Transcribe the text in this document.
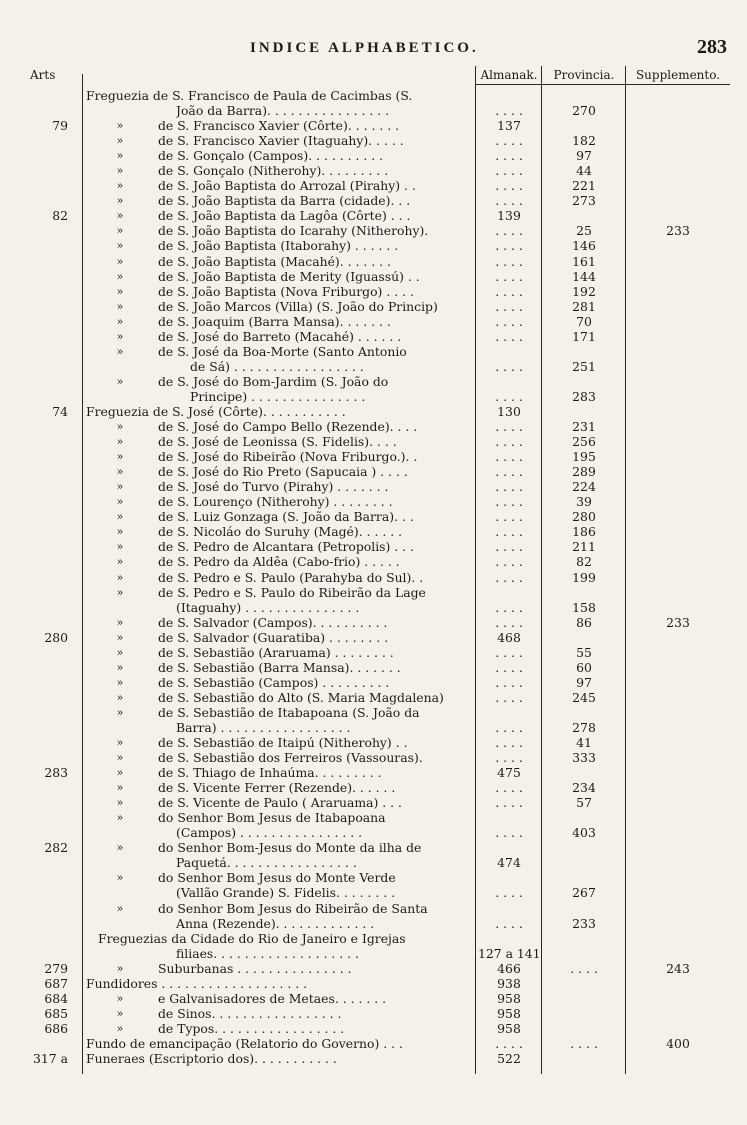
INDICE ALPHABETICO.	283
Arts	Almanak.	Provincia.	Supplemento.
Freguezia de S. Francisco de Paula de Cacimbas (S.
João da Barra). . . . . . . . . . . . . . . .	. . . .	270
79	»	de S. Francisco Xavier (Côrte). . . . . . .	137
»	de S. Francisco Xavier (Itaguahy). . . . .	. . . .	182
»	de S. Gonçalo (Campos). . . . . . . . . .	. . . .	97
»	de S. Gonçalo (Nitherohy). . . . . . . . .	. . . .	44
»	de S. João Baptista do Arrozal (Pirahy) . .	. . . .	221
»	de S. João Baptista da Barra (cidade). . .	. . . .	273
82	»	de S. João Baptista da Lagôa (Côrte) . . .	139
»	de S. João Baptista do Icarahy (Nitherohy).	. . . .	25	233
»	de S. João Baptista (Itaborahy) . . . . . .	. . . .	146
»	de S. João Baptista (Macahé). . . . . . .	. . . .	161
»	de S. João Baptista de Merity (Iguassú) . .	. . . .	144
»	de S. João Baptista (Nova Friburgo) . . . .	. . . .	192
»	de S. João Marcos (Villa) (S. João do Princip)	. . . .	281
»	de S. Joaquim (Barra Mansa). . . . . . .	. . . .	70
»	de S. José do Barreto (Macahé) . . . . . .	. . . .	171
»	de S. José da Boa-Morte (Santo Antonio
de Sá) . . . . . . . . . . . . . . . . .	. . . .	251
»	de S. José do Bom-Jardim (S. João do
Principe) . . . . . . . . . . . . . . .	. . . .	283
74 Freguezia de S. José (Côrte). . . . . . . . . . .	130
»	de S. José do Campo Bello (Rezende). . . .	. . . .	231
»	de S. José de Leonissa (S. Fidelis). . . .	. . . .	256
»	de S. José do Ribeirão (Nova Friburgo.). .	. . . .	195
»	de S. José do Rio Preto (Sapucaia ) . . . .	. . . .	289
»	de S. José do Turvo (Pirahy) . . . . . . .	. . . .	224
»	de S. Lourenço (Nitherohy) . . . . . . . .	. . . .	39
»	de S. Luiz Gonzaga (S. João da Barra). . .	. . . .	280
»	de S. Nicoláo do Suruhy (Magé). . . . . .	. . . .	186
»	de S. Pedro de Alcantara (Petropolis) . . .	. . . .	211
»	de S. Pedro da Aldêa (Cabo-frio) . . . . .	. . . .	82
»	de S. Pedro e S. Paulo (Parahyba do Sul). .	. . . .	199
»	de S. Pedro e S. Paulo do Ribeirão da Lage
(Itaguahy) . . . . . . . . . . . . . . .	. . . .	158
»	de S. Salvador (Campos). . . . . . . . . .	. . . .	86	233
280	»	de S. Salvador (Guaratiba) . . . . . . . .	468
»	de S. Sebastião (Araruama) . . . . . . . .	. . . .	55
»	de S. Sebastião (Barra Mansa). . . . . . .	. . . .	60
»	de S. Sebastião (Campos) . . . . . . . . .	. . . .	97
»	de S. Sebastião do Alto (S. Maria Magdalena)	. . . .	245
»	de S. Sebastião de Itabapoana (S. João da
Barra) . . . . . . . . . . . . . . . . .	. . . .	278
»	de S. Sebastião de Itaipú (Nitherohy) . .	. . . .	41
»	de S. Sebastião dos Ferreiros (Vassouras).	. . . .	333
283	»	de S. Thiago de Inhaúma. . . . . . . . .	475
»	de S. Vicente Ferrer (Rezende). . . . . .	. . . .	234
»	de S. Vicente de Paulo ( Araruama) . . .	. . . .	57
»	do Senhor Bom Jesus de Itabapoana
(Campos) . . . . . . . . . . . . . . . .	. . . .	403
282	»	do Senhor Bom-Jesus do Monte da ilha de
Paquetá. . . . . . . . . . . . . . . . .	474
»	do Senhor Bom Jesus do Monte Verde
(Vallão Grande) S. Fidelis. . . . . . . .	. . . .	267
»	do Senhor Bom Jesus do Ribeirão de Santa
Anna (Rezende). . . . . . . . . . . . .	. . . .	233
Freguezias da Cidade do Rio de Janeiro e Igrejas
filiaes. . . . . . . . . . . . . . . . . . .	127 a 141
279	»	Suburbanas . . . . . . . . . . . . . . .	466	. . . .	243
687 Fundidores . . . . . . . . . . . . . . . . . . .	938
684	»	e Galvanisadores de Metaes. . . . . . .	958
685	»	de Sinos. . . . . . . . . . . . . . . . .	958
686	»	de Typos. . . . . . . . . . . . . . . . .	958
Fundo de emancipação (Relatorio do Governo) . . .	. . . .	. . . .	400
317 a Funeraes (Escriptorio dos). . . . . . . . . . .	522
